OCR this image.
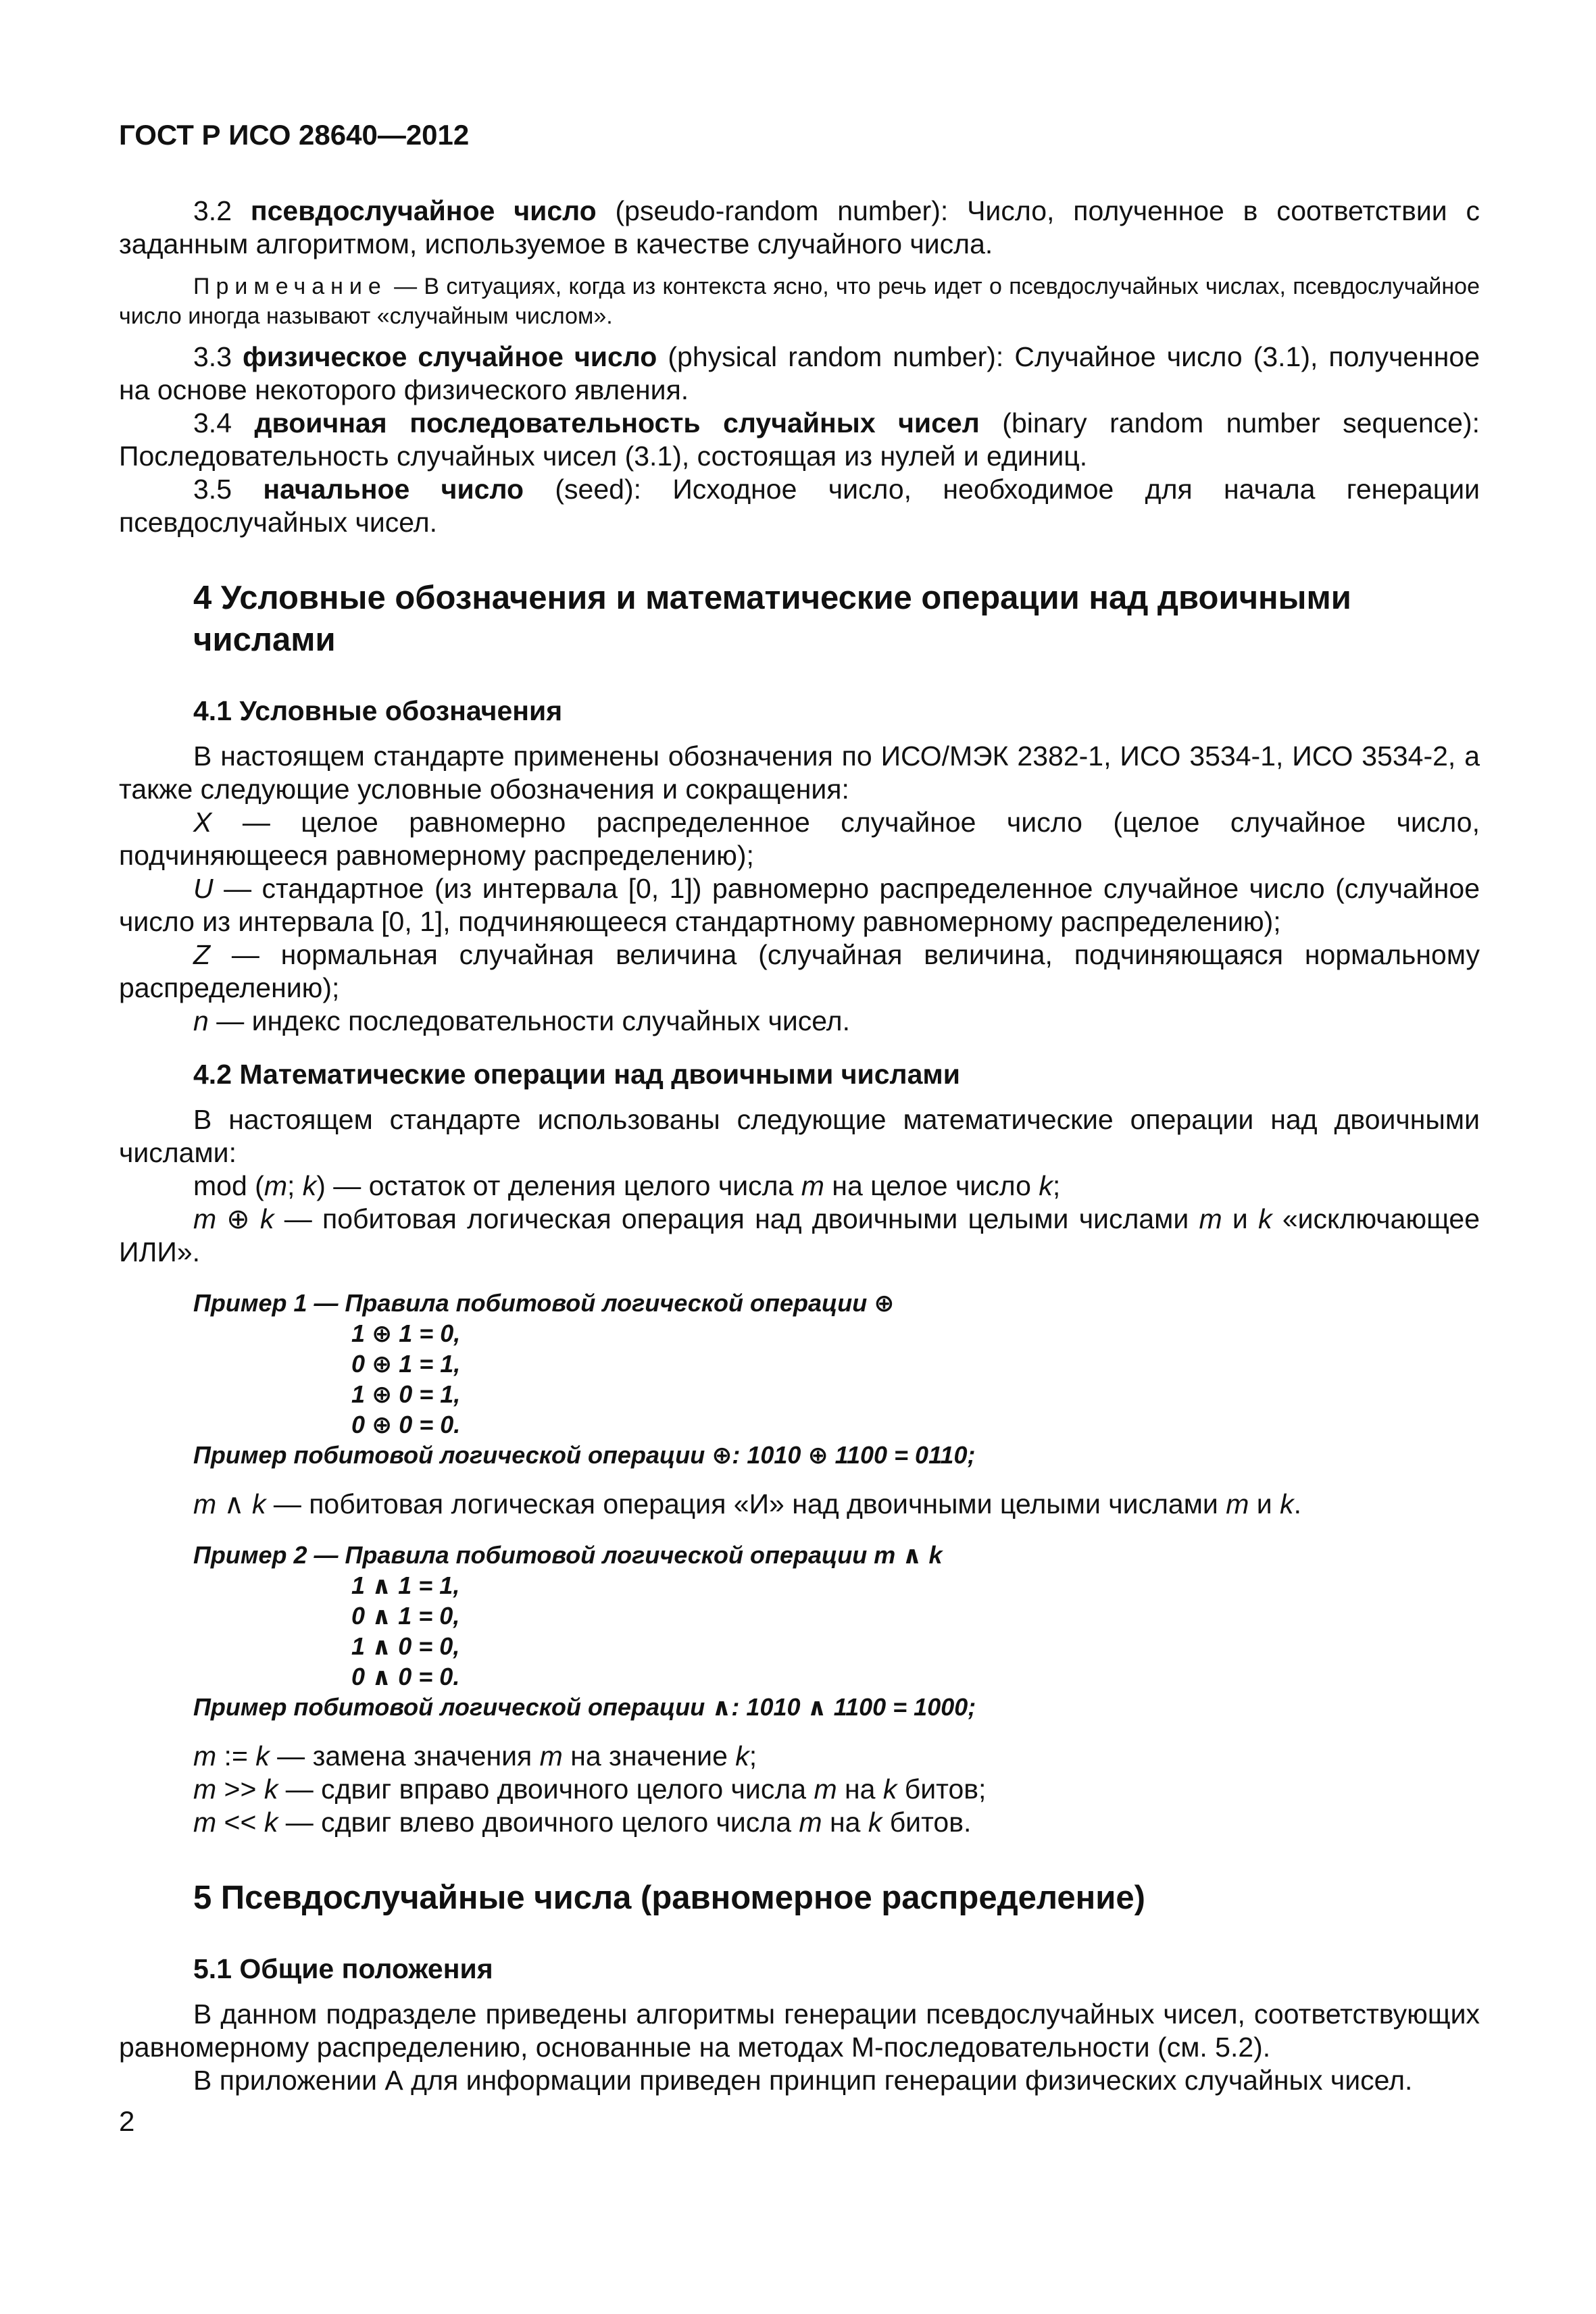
ГОСТ Р ИСО 28640—2012

3.2 псевдослучайное число (pseudo-random number): Число, полученное в соответствии с заданным алгоритмом, используемое в качестве случайного числа.

Примечание — В ситуациях, когда из контекста ясно, что речь идет о псевдослучайных числах, псевдослучайное число иногда называют «случайным числом».

3.3 физическое случайное число (physical random number): Случайное число (3.1), полученное на основе некоторого физического явления.

3.4 двоичная последовательность случайных чисел (binary random number sequence): Последовательность случайных чисел (3.1), состоящая из нулей и единиц.

3.5 начальное число (seed): Исходное число, необходимое для начала генерации псевдослучайных чисел.

4 Условные обозначения и математические операции над двоичными числами
4.1 Условные обозначения

В настоящем стандарте применены обозначения по ИСО/МЭК 2382-1, ИСО 3534-1, ИСО 3534-2, а также следующие условные обозначения и сокращения:

X — целое равномерно распределенное случайное число (целое случайное число, подчиняющееся равномерному распределению);

U — стандартное (из интервала [0, 1]) равномерно распределенное случайное число (случайное число из интервала [0, 1], подчиняющееся стандартному равномерному распределению);

Z — нормальная случайная величина (случайная величина, подчиняющаяся нормальному распределению);

n — индекс последовательности случайных чисел.

4.2 Математические операции над двоичными числами

В настоящем стандарте использованы следующие математические операции над двоичными числами:

mod (m; k) — остаток от деления целого числа m на целое число k;

m ⊕ k — побитовая логическая операция над двоичными целыми числами m и k «исключающее ИЛИ».

Пример 1 — Правила побитовой логической операции ⊕
1 ⊕ 1 = 0,
0 ⊕ 1 = 1,
1 ⊕ 0 = 1,
0 ⊕ 0 = 0.
Пример побитовой логической операции ⊕: 1010 ⊕ 1100 = 0110;

m ∧ k — побитовая логическая операция «И» над двоичными целыми числами m и k.

Пример 2 — Правила побитовой логической операции m ∧ k
1 ∧ 1 = 1,
0 ∧ 1 = 0,
1 ∧ 0 = 0,
0 ∧ 0 = 0.
Пример побитовой логической операции ∧: 1010 ∧ 1100 = 1000;

m := k — замена значения m на значение k;

m >> k — сдвиг вправо двоичного целого числа m на k битов;

m << k — сдвиг влево двоичного целого числа m на k битов.

5 Псевдослучайные числа (равномерное распределение)
5.1 Общие положения

В данном подразделе приведены алгоритмы генерации псевдослучайных чисел, соответствующих равномерному распределению, основанные на методах М-последовательности (см. 5.2).

В приложении А для информации приведен принцип генерации физических случайных чисел.

2
